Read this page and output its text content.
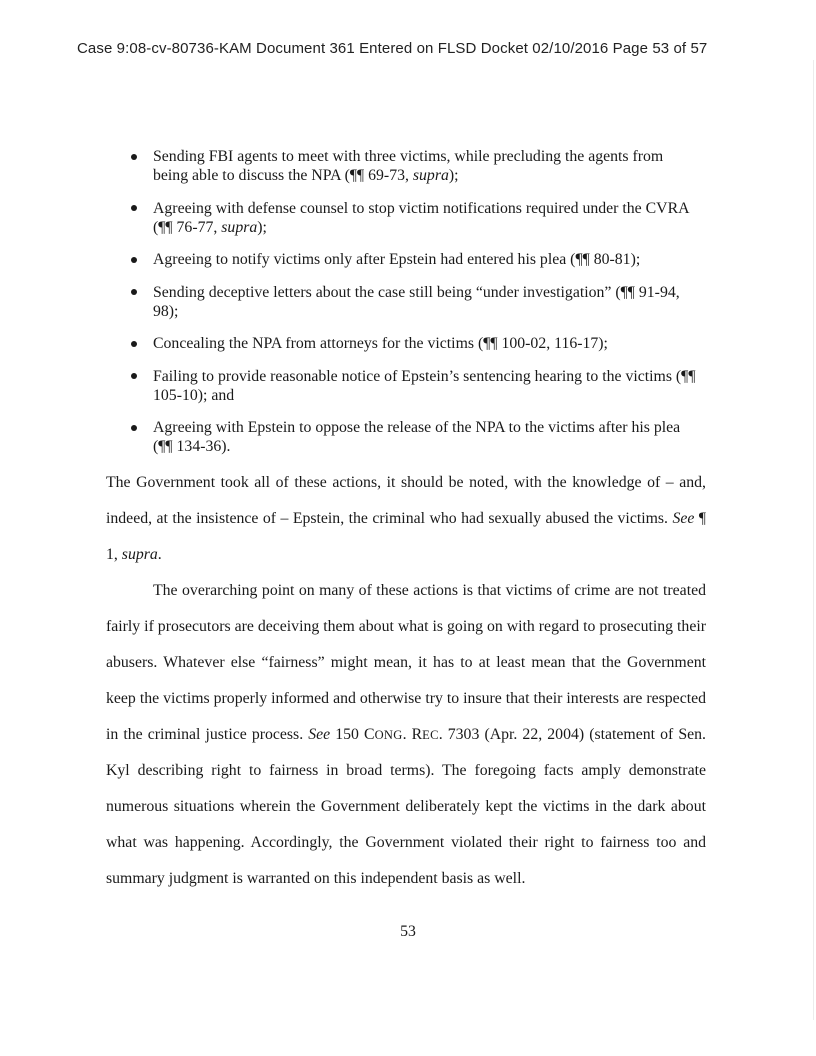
Case 9:08-cv-80736-KAM Document 361 Entered on FLSD Docket 02/10/2016 Page 53 of 57
Sending FBI agents to meet with three victims, while precluding the agents from being able to discuss the NPA (¶¶ 69-73, supra);
Agreeing with defense counsel to stop victim notifications required under the CVRA (¶¶ 76-77, supra);
Agreeing to notify victims only after Epstein had entered his plea (¶¶ 80-81);
Sending deceptive letters about the case still being “under investigation” (¶¶ 91-94, 98);
Concealing the NPA from attorneys for the victims (¶¶ 100-02, 116-17);
Failing to provide reasonable notice of Epstein’s sentencing hearing to the victims (¶¶ 105-10); and
Agreeing with Epstein to oppose the release of the NPA to the victims after his plea (¶¶ 134-36).

The Government took all of these actions, it should be noted, with the knowledge of – and, indeed, at the insistence of – Epstein, the criminal who had sexually abused the victims. See ¶ 1, supra.

The overarching point on many of these actions is that victims of crime are not treated fairly if prosecutors are deceiving them about what is going on with regard to prosecuting their abusers. Whatever else “fairness” might mean, it has to at least mean that the Government keep the victims properly informed and otherwise try to insure that their interests are respected in the criminal justice process. See 150 CONG. REC. 7303 (Apr. 22, 2004) (statement of Sen. Kyl describing right to fairness in broad terms). The foregoing facts amply demonstrate numerous situations wherein the Government deliberately kept the victims in the dark about what was happening. Accordingly, the Government violated their right to fairness too and summary judgment is warranted on this independent basis as well.

53
